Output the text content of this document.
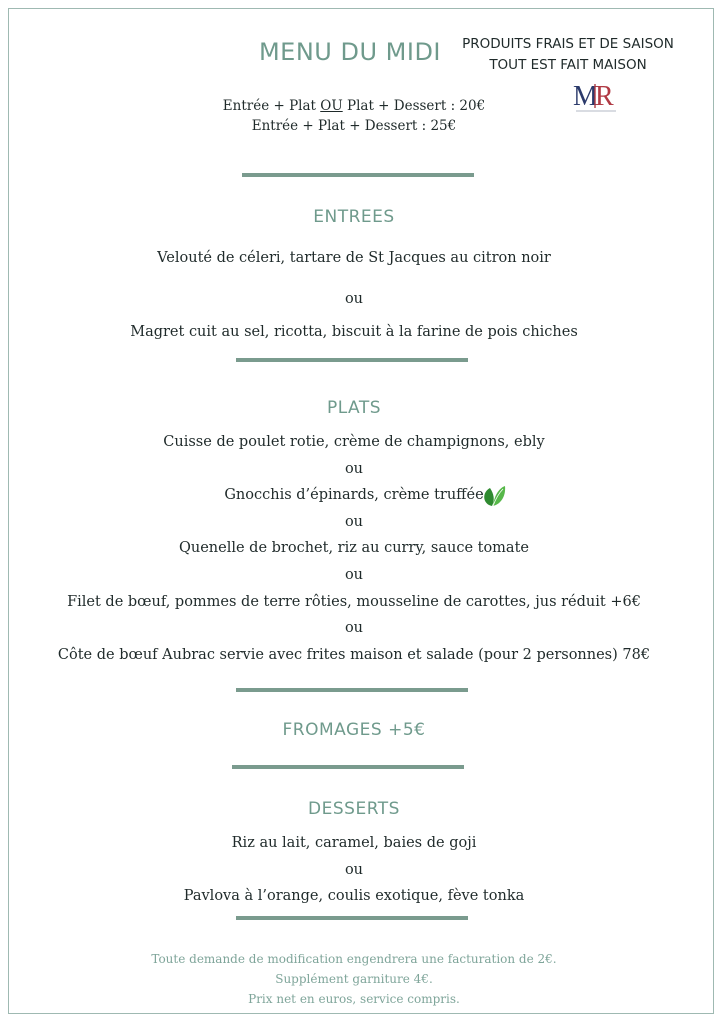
MENU DU MIDI	PRODUITS FRAIS ET DE SAISON
TOUT EST FAIT MAISON
M
R
Entrée + Plat OU Plat + Dessert : 20€
Entrée + Plat + Dessert : 25€
ENTREES
Velouté de céleri, tartare de St Jacques au citron noir
ou
Magret cuit au sel, ricotta, biscuit à la farine de pois chiches
PLATS
Cuisse de poulet rotie, crème de champignons, ebly
ou
Gnocchis d’épinards, crème truffée
ou
Quenelle de brochet, riz au curry, sauce tomate
ou
Filet de bœuf, pommes de terre rôties, mousseline de carottes, jus réduit +6€
ou
Côte de bœuf Aubrac servie avec frites maison et salade (pour 2 personnes) 78€
FROMAGES +5€
DESSERTS
Riz au lait, caramel, baies de goji
ou
Pavlova à l’orange, coulis exotique, fève tonka
Toute demande de modification engendrera une facturation de 2€.
Supplément garniture 4€.
Prix net en euros, service compris.
